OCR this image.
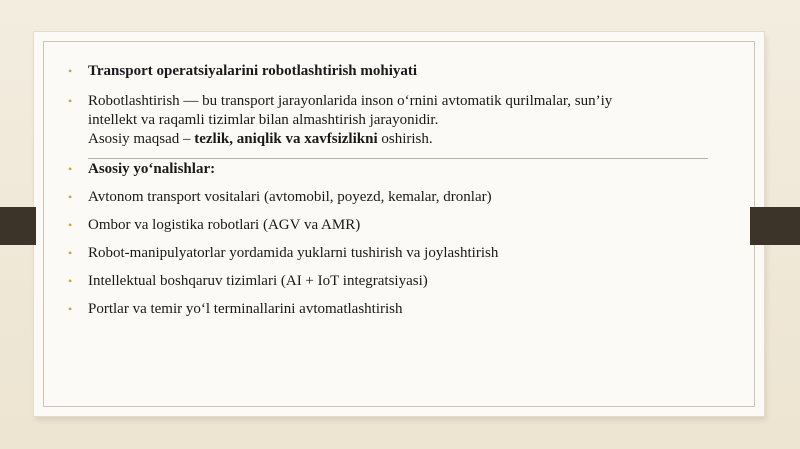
• Transport operatsiyalarini robotlashtirish mohiyati
• Robotlashtirish — bu transport jarayonlarida inson o‘rnini avtomatik qurilmalar, sun’iy
intellekt va raqamli tizimlar bilan almashtirish jarayonidir.
Asosiy maqsad – tezlik, aniqlik va xavfsizlikni oshirish.
• Asosiy yo‘nalishlar:
• Avtonom transport vositalari (avtomobil, poyezd, kemalar, dronlar)
• Ombor va logistika robotlari (AGV va AMR)
• Robot-manipulyatorlar yordamida yuklarni tushirish va joylashtirish
• Intellektual boshqaruv tizimlari (AI + IoT integratsiyasi)
• Portlar va temir yo‘l terminallarini avtomatlashtirish
